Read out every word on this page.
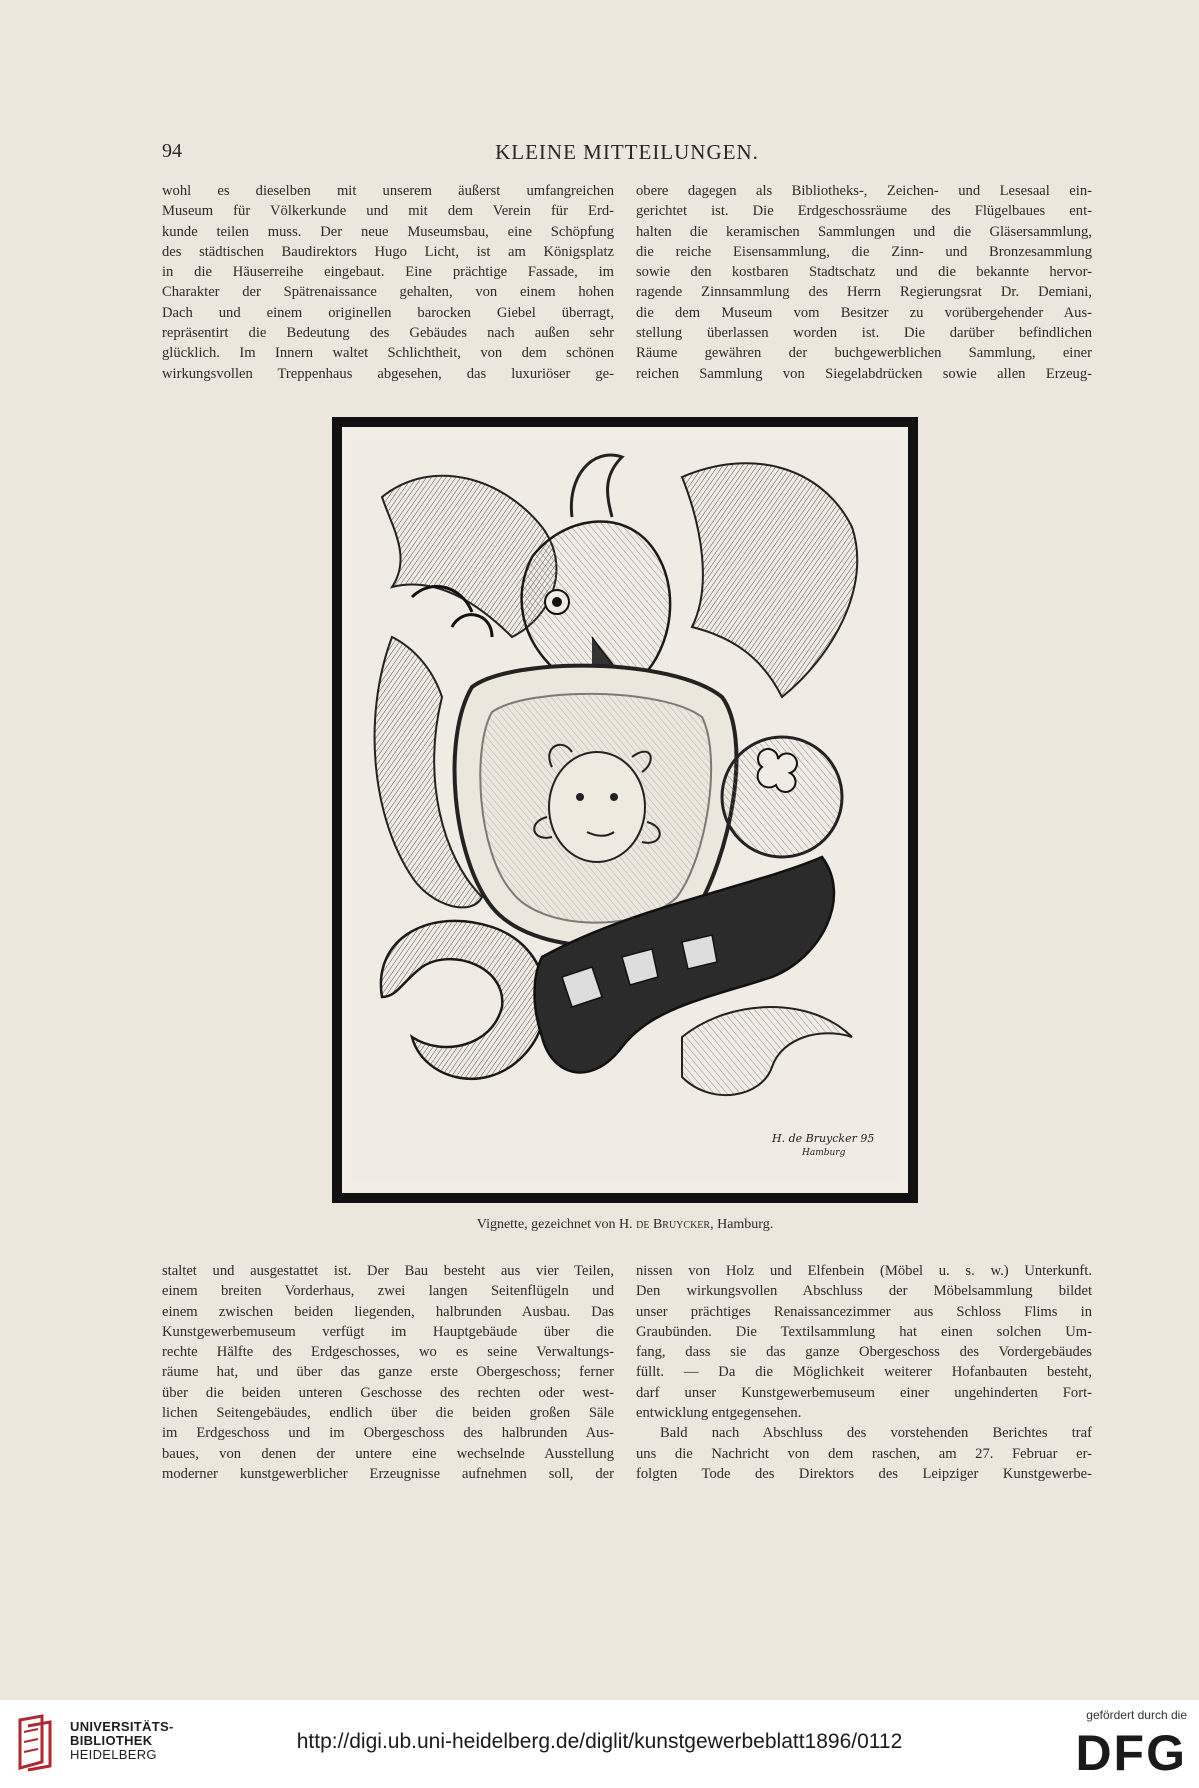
94	KLEINE MITTEILUNGEN.

wohl es dieselben mit unserem äußerst umfangreichen

Museum für Völkerkunde und mit dem Verein für Erd-

kunde teilen muss. Der neue Museumsbau, eine Schöpfung

des städtischen Baudirektors Hugo Licht, ist am Königsplatz

in die Häuserreihe eingebaut. Eine prächtige Fassade, im

Charakter der Spätrenaissance gehalten, von einem hohen

Dach und einem originellen barocken Giebel überragt,

repräsentirt die Bedeutung des Gebäudes nach außen sehr

glücklich. Im Innern waltet Schlichtheit, von dem schönen

wirkungsvollen Treppenhaus abgesehen, das luxuriöser ge-

obere dagegen als Bibliotheks-, Zeichen- und Lesesaal ein-

gerichtet ist. Die Erdgeschossräume des Flügelbaues ent-

halten die keramischen Sammlungen und die Gläsersammlung,

die reiche Eisensammlung, die Zinn- und Bronzesammlung

sowie den kostbaren Stadtschatz und die bekannte hervor-

ragende Zinnsammlung des Herrn Regierungsrat Dr. Demiani,

die dem Museum vom Besitzer zu vorübergehender Aus-

stellung überlassen worden ist. Die darüber befindlichen

Räume gewähren der buchgewerblichen Sammlung, einer

reichen Sammlung von Siegelabdrücken sowie allen Erzeug-

H. de Bruycker 95
Hamburg
Vignette, gezeichnet von H. de Bruycker, Hamburg.

staltet und ausgestattet ist. Der Bau besteht aus vier Teilen,

einem breiten Vorderhaus, zwei langen Seitenflügeln und

einem zwischen beiden liegenden, halbrunden Ausbau. Das

Kunstgewerbemuseum verfügt im Hauptgebäude über die

rechte Hälfte des Erdgeschosses, wo es seine Verwaltungs-

räume hat, und über das ganze erste Obergeschoss; ferner

über die beiden unteren Geschosse des rechten oder west-

lichen Seitengebäudes, endlich über die beiden großen Säle

im Erdgeschoss und im Obergeschoss des halbrunden Aus-

baues, von denen der untere eine wechselnde Ausstellung

moderner kunstgewerblicher Erzeugnisse aufnehmen soll, der

nissen von Holz und Elfenbein (Möbel u. s. w.) Unterkunft.

Den wirkungsvollen Abschluss der Möbelsammlung bildet

unser prächtiges Renaissancezimmer aus Schloss Flims in

Graubünden. Die Textilsammlung hat einen solchen Um-

fang, dass sie das ganze Obergeschoss des Vordergebäudes

füllt. — Da die Möglichkeit weiterer Hofanbauten besteht,

darf unser Kunstgewerbemuseum einer ungehinderten Fort-

entwicklung entgegensehen.

Bald nach Abschluss des vorstehenden Berichtes traf

uns die Nachricht von dem raschen, am 27. Februar er-

folgten Tode des Direktors des Leipziger Kunstgewerbe-

UNIVERSITÄTS-
BIBLIOTHEK
HEIDELBERG
http://digi.ub.uni-heidelberg.de/diglit/kunstgewerbeblatt1896/0112
gefördert durch die
DFG
